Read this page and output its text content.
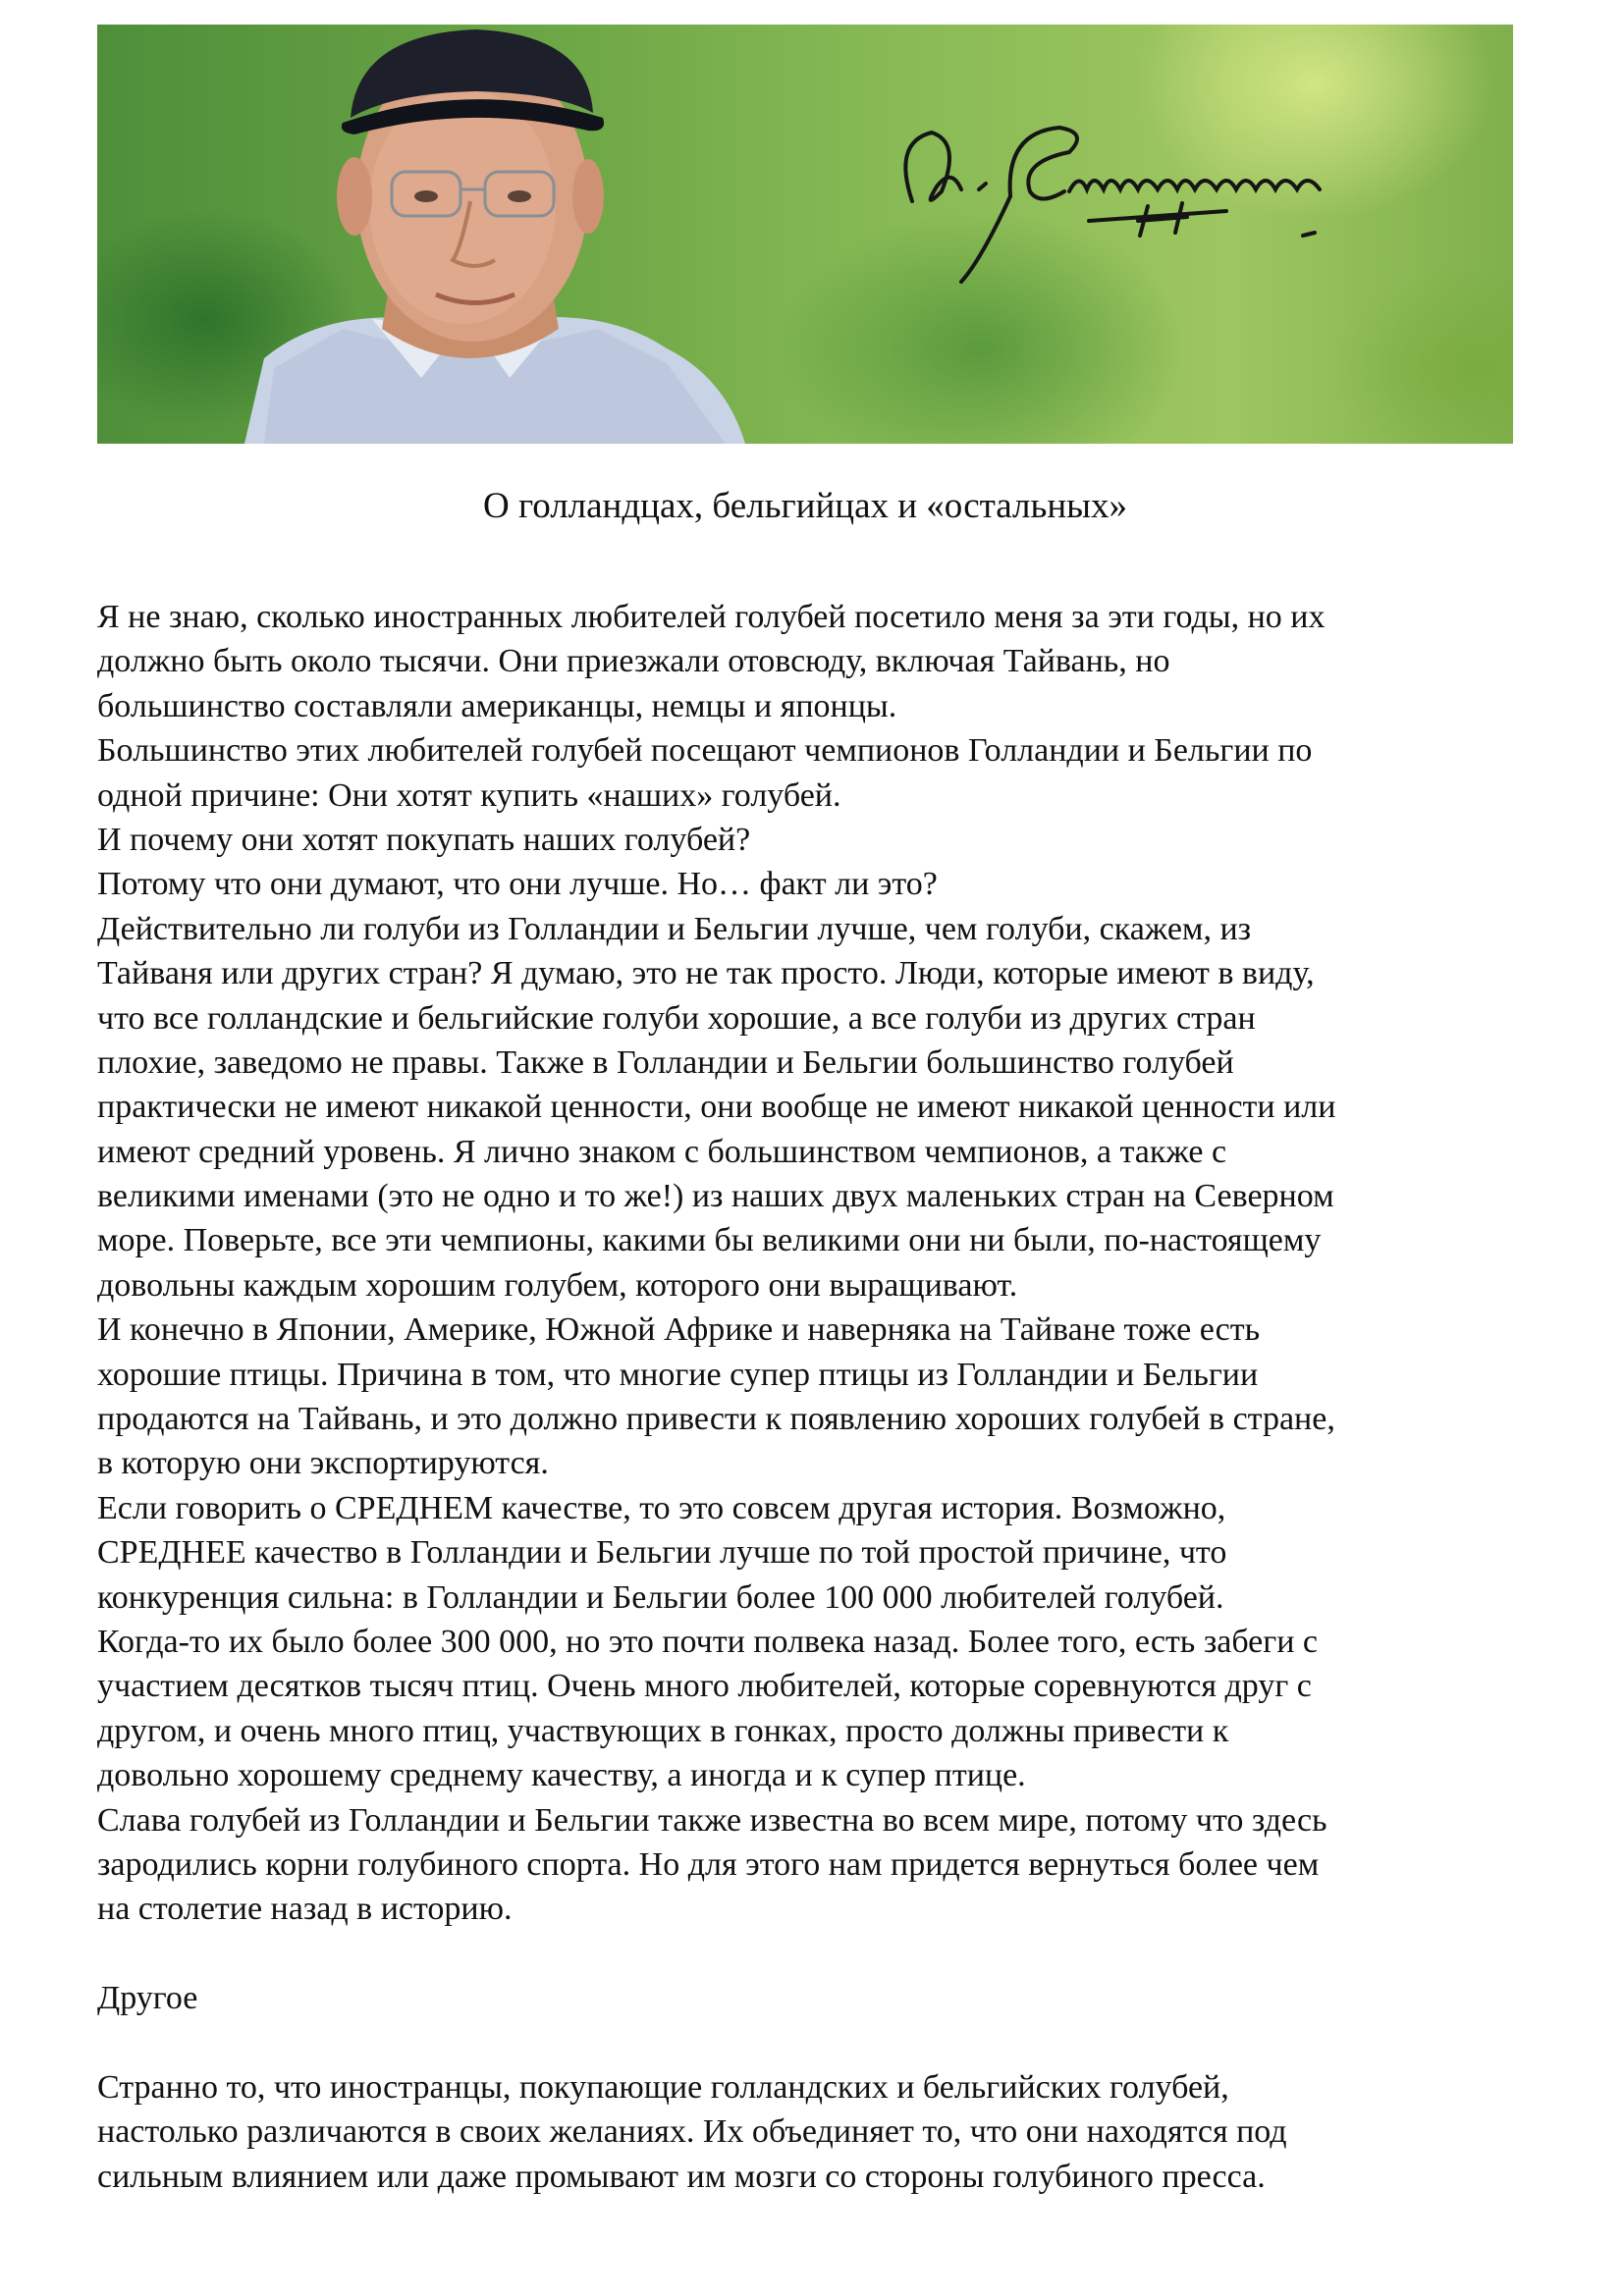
О голландцах, бельгийцах и «остальных»
Я не знаю, сколько иностранных любителей голубей посетило меня за эти годы, но их
должно быть около тысячи. Они приезжали отовсюду, включая Тайвань, но
большинство составляли американцы, немцы и японцы.
Большинство этих любителей голубей посещают чемпионов Голландии и Бельгии по
одной причине: Они хотят купить «наших» голубей.
И почему они хотят покупать наших голубей?
Потому что они думают, что они лучше. Но… факт ли это?
Действительно ли голуби из Голландии и Бельгии лучше, чем голуби, скажем, из
Тайваня или других стран? Я думаю, это не так просто. Люди, которые имеют в виду,
что все голландские и бельгийские голуби хорошие, а все голуби из других стран
плохие, заведомо не правы. Также в Голландии и Бельгии большинство голубей
практически не имеют никакой ценности, они вообще не имеют никакой ценности или
имеют средний уровень. Я лично знаком с большинством чемпионов, а также с
великими именами (это не одно и то же!) из наших двух маленьких стран на Северном
море. Поверьте, все эти чемпионы, какими бы великими они ни были, по-настоящему
довольны каждым хорошим голубем, которого они выращивают.
И конечно в Японии, Америке, Южной Африке и наверняка на Тайване тоже есть
хорошие птицы. Причина в том, что многие супер птицы из Голландии и Бельгии
продаются на Тайвань, и это должно привести к появлению хороших голубей в стране,
в которую они экспортируются.
Если говорить о СРЕДНЕМ качестве, то это совсем другая история. Возможно,
СРЕДНЕЕ качество в Голландии и Бельгии лучше по той простой причине, что
конкуренция сильна: в Голландии и Бельгии более 100 000 любителей голубей.
Когда-то их было более 300 000, но это почти полвека назад. Более того, есть забеги с
участием десятков тысяч птиц. Очень много любителей, которые соревнуются друг с
другом, и очень много птиц, участвующих в гонках, просто должны привести к
довольно хорошему среднему качеству, а иногда и к супер птице.
Слава голубей из Голландии и Бельгии также известна во всем мире, потому что здесь
зародились корни голубиного спорта. Но для этого нам придется вернуться более чем
на столетие назад в историю.
Другое
Странно то, что иностранцы, покупающие голландских и бельгийских голубей,
настолько различаются в своих желаниях. Их объединяет то, что они находятся под
сильным влиянием или даже промывают им мозги со стороны голубиного пресса.
